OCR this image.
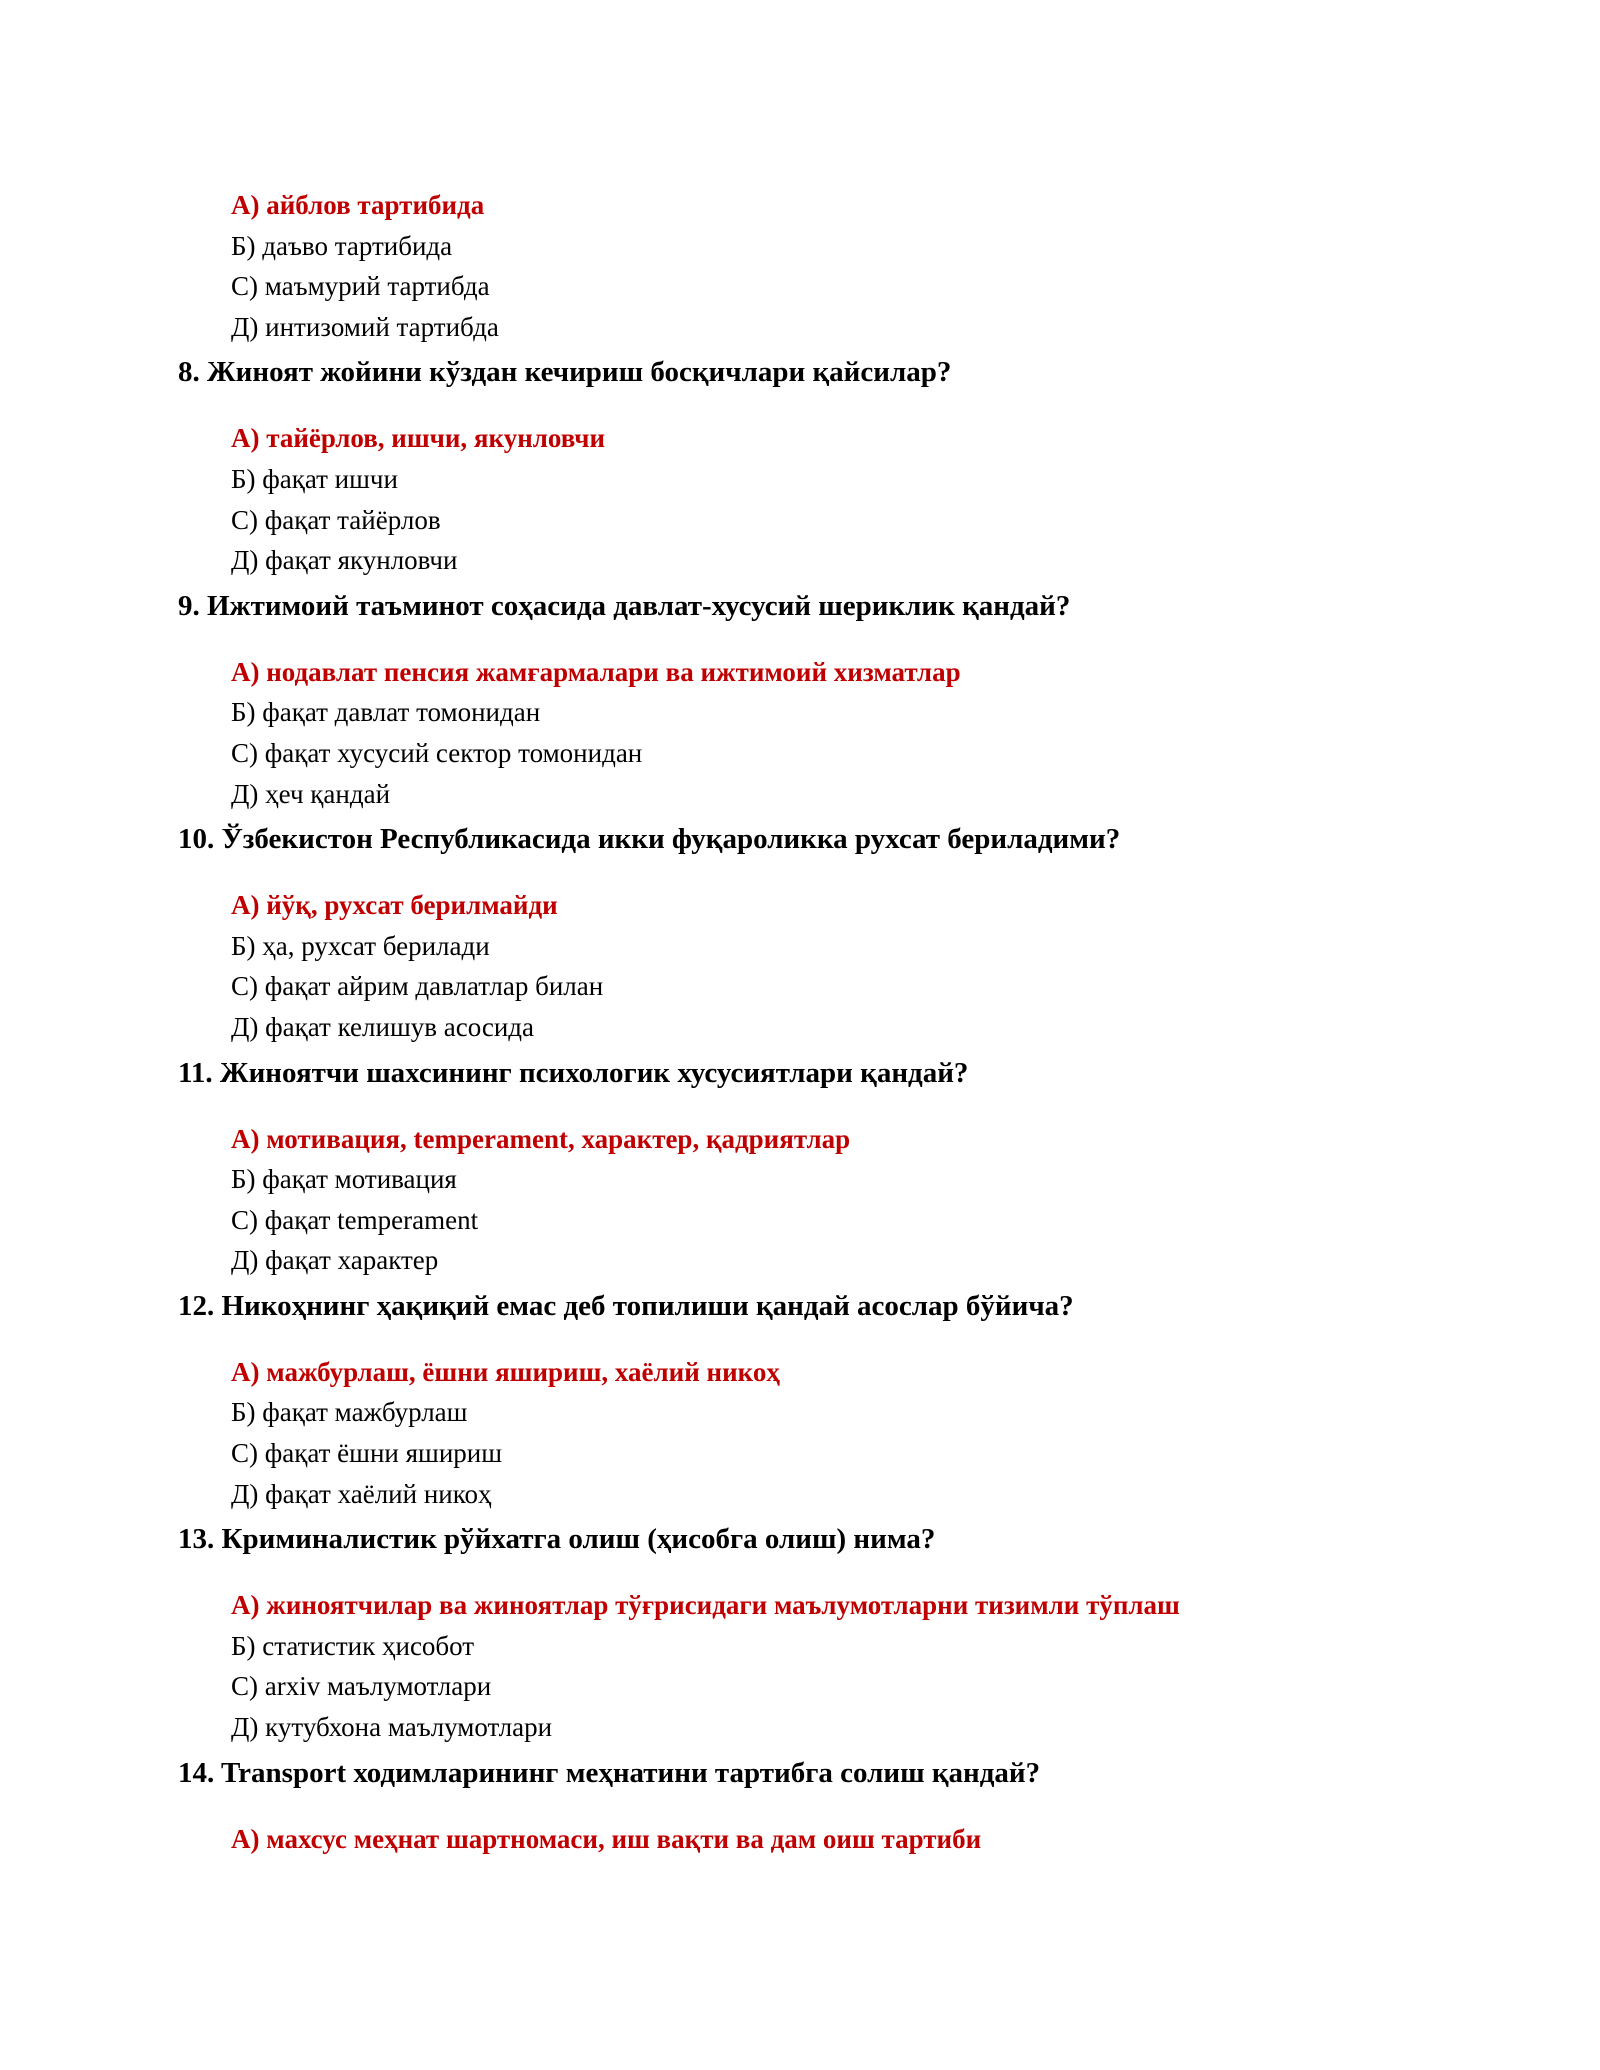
А) айблов тартибида
Б) даъво тартибида
С) маъмурий тартибда
Д) интизомий тартибда
8. Жиноят жойини кўздан кечириш босқичлари қайсилар?
А) тайёрлов, ишчи, якунловчи
Б) фақат ишчи
С) фақат тайёрлов
Д) фақат якунловчи
9. Ижтимоий таъминот соҳасида давлат-хусусий шериклик қандай?
А) нодавлат пенсия жамғармалари ва ижтимоий хизматлар
Б) фақат давлат томонидан
С) фақат хусусий сектор томонидан
Д) ҳеч қандай
10. Ўзбекистон Республикасида икки фуқароликка рухсат бериладими?
А) йўқ, рухсат берилмайди
Б) ҳа, рухсат берилади
С) фақат айрим давлатлар билан
Д) фақат келишув асосида
11. Жиноятчи шахсининг психологик хусусиятлари қандай?
А) мотивация, temperament, характер, қадриятлар
Б) фақат мотивация
С) фақат temperament
Д) фақат характер
12. Никоҳнинг ҳақиқий емас деб топилиши қандай асослар бўйича?
А) мажбурлаш, ёшни яшириш, хаёлий никоҳ
Б) фақат мажбурлаш
С) фақат ёшни яшириш
Д) фақат хаёлий никоҳ
13. Криминалистик рўйхатга олиш (ҳисобга олиш) нима?
А) жиноятчилар ва жиноятлар тўғрисидаги маълумотларни тизимли тўплаш
Б) статистик ҳисобот
С) arxiv маълумотлари
Д) кутубхона маълумотлари
14. Transport ходимларининг меҳнатини тартибга солиш қандай?
А) махсус меҳнат шартномаси, иш вақти ва дам оиш тартиби
